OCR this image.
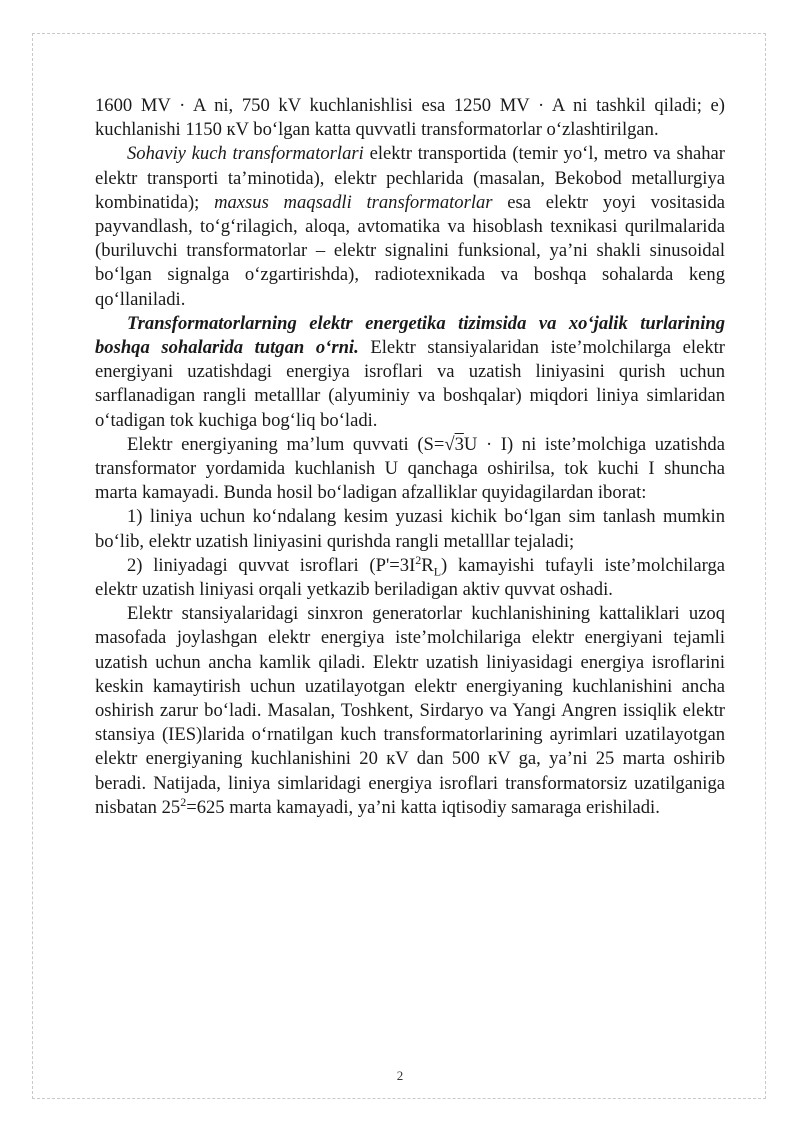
1600 MV · A ni, 750 kV kuchlanishlisi esa 1250 MV · A ni tashkil qiladi; e) kuchlanishi 1150 кV bo‘lgan katta quvvatli transformatorlar o‘zlashtirilgan.

Sohaviy kuch transformatorlari elektr transportida (temir yo‘l, metro va shahar elektr transporti ta’minotida), elektr pechlarida (masalan, Bekobod metallurgiya kombinatida); maxsus maqsadli transformatorlar esa elektr yoyi vositasida payvandlash, to‘g‘rilagich, aloqa, avtomatika va hisoblash texnikasi qurilmalarida (buriluvchi transformatorlar – elektr signalini funksional, ya’ni shakli sinusoidal bo‘lgan signalga o‘zgartirishda), radiotexnikada va boshqa sohalarda keng qo‘llaniladi.

Transformatorlarning elektr energetika tizimsida va xo‘jalik turlarining boshqa sohalarida tutgan o‘rni. Elektr stansiyalaridan iste’molchilarga elektr energiyani uzatishdagi energiya isroflari va uzatish liniyasini qurish uchun sarflanadigan rangli metalllar (alyuminiy va boshqalar) miqdori liniya simlaridan o‘tadigan tok kuchiga bog‘liq bo‘ladi.

Elektr energiyaning ma’lum quvvati (S=√3U · I) ni iste’molchiga uzatishda transformator yordamida kuchlanish U qanchaga oshirilsa, tok kuchi I shuncha marta kamayadi. Bunda hosil bo‘ladigan afzalliklar quyidagilardan iborat:

1) liniya uchun ko‘ndalang kesim yuzasi kichik bo‘lgan sim tanlash mumkin bo‘lib, elektr uzatish liniyasini qurishda rangli metalllar tejaladi;

2) liniyadagi quvvat isroflari $(P'=3I^2R_L)$ kamayishi tufayli iste’molchilarga elektr uzatish liniyasi orqali yetkazib beriladigan aktiv quvvat oshadi.

Elektr stansiyalaridagi sinxron generatorlar kuchlanishining kattaliklari uzoq masofada joylashgan elektr energiya iste’molchilariga elektr energiyani tejamli uzatish uchun ancha kamlik qiladi. Elektr uzatish liniyasidagi energiya isroflarini keskin kamaytirish uchun uzatilayotgan elektr energiyaning kuchlanishini ancha oshirish zarur bo‘ladi. Masalan, Toshkent, Sirdaryo va Yangi Angren issiqlik elektr stansiya (IES)larida o‘rnatilgan kuch transformatorlarining ayrimlari uzatilayotgan elektr energiyaning kuchlanishini 20 кV dan 500 кV ga, ya’ni 25 marta oshirib beradi. Natijada, liniya simlaridagi energiya isroflari transformatorsiz uzatilganiga nisbatan $25^2=625$ marta kamayadi, ya’ni katta iqtisodiy samaraga erishiladi.

2
